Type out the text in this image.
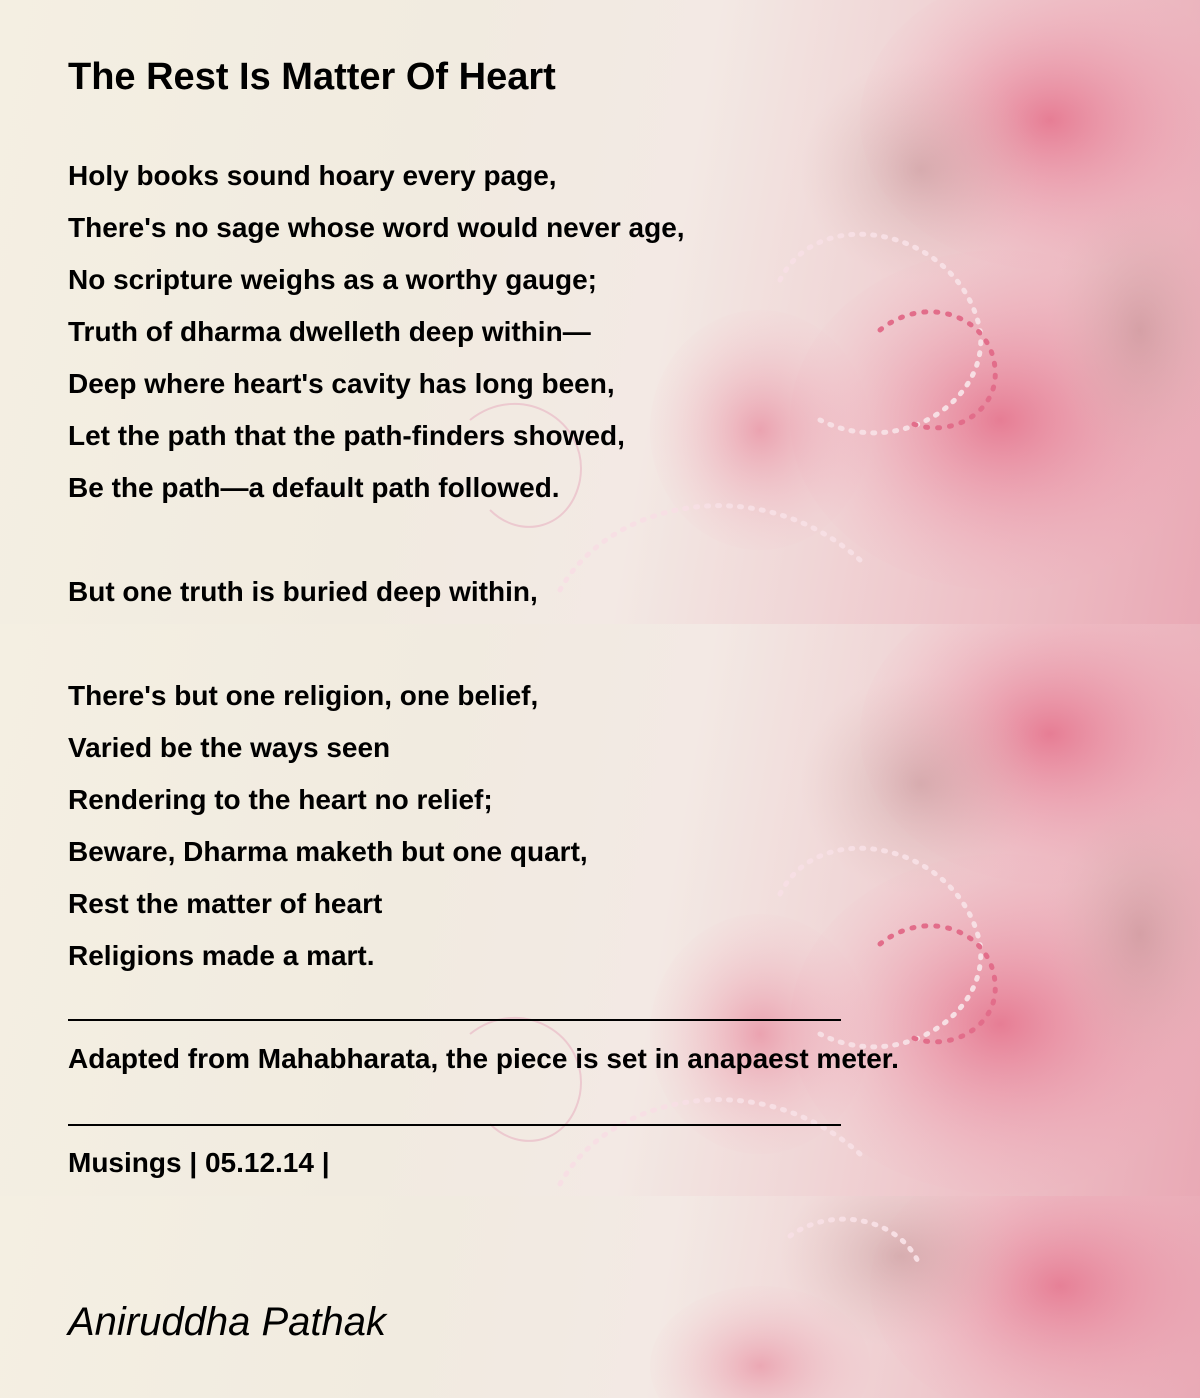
The Rest Is Matter Of Heart
Holy books sound hoary every page,
There's no sage whose word would never age,
No scripture weighs as a worthy gauge;
Truth of dharma dwelleth deep within—
Deep where heart's cavity has long been,
Let the path that the path-finders showed,
Be the path—a default path followed.
But one truth is buried deep within,
There's but one religion, one belief,
Varied be the ways seen
Rendering to the heart no relief;
Beware, Dharma maketh but one quart,
Rest the matter of heart
Religions made a mart.
Adapted from Mahabharata, the piece is set in anapaest meter.
Musings | 05.12.14 |
Aniruddha Pathak
